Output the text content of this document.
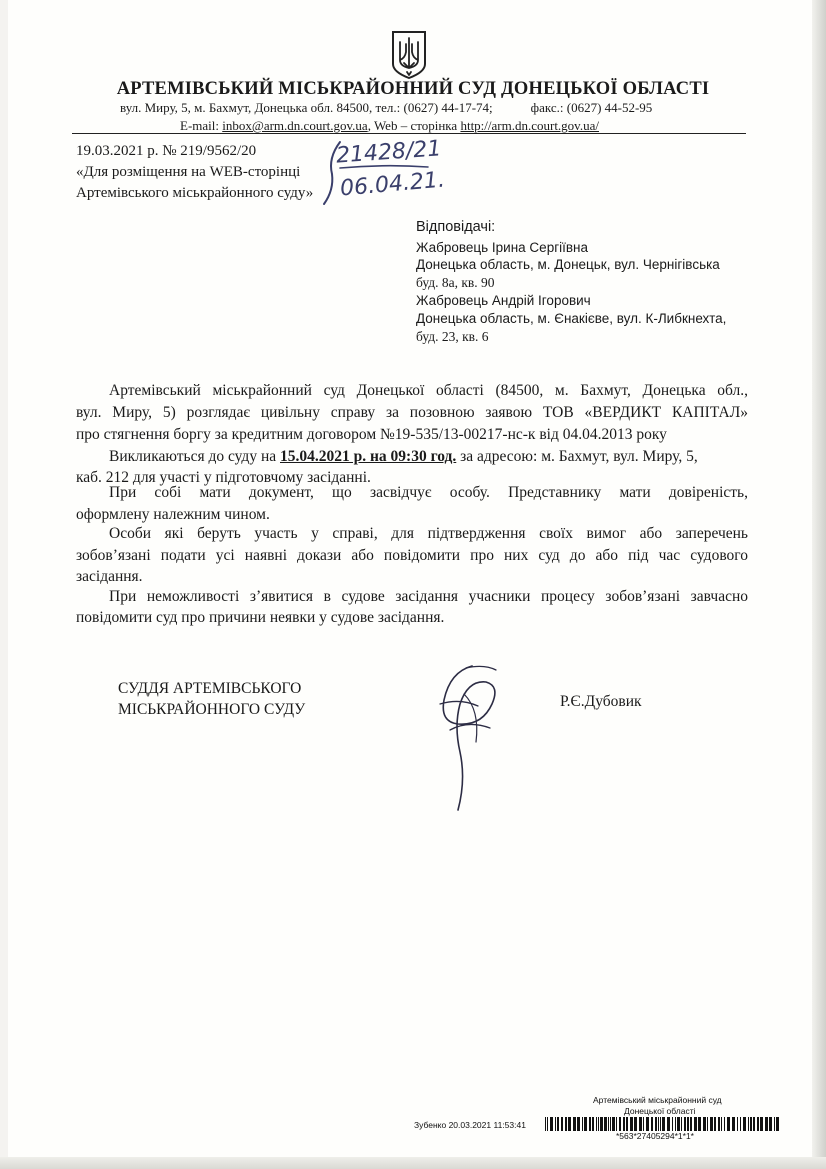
АРТЕМІВСЬКИЙ МІСЬКРАЙОННИЙ СУД ДОНЕЦЬКОЇ ОБЛАСТІ
вул. Миру, 5, м. Бахмут, Донецька обл. 84500, тел.: (0627) 44-17-74;	факс.: (0627) 44-52-95
E-mail: inbox@arm.dn.court.gov.ua, Web – сторінка http://arm.dn.court.gov.ua/
19.03.2021 р. № 219/9562/20
«Для розміщення на WEB-сторінці
Артемівського міськрайонного суду»
21428/21
06.04.21.
Відповідачі:
Жабровець Ірина Сергіївна
Донецька область, м. Донецьк, вул. Чернігівська
буд. 8а, кв. 90
Жабровець Андрій Ігорович
Донецька область, м. Єнакієве, вул. К-Либкнехта,
буд. 23, кв. 6
Артемівський міськрайонний суд Донецької області (84500, м. Бахмут, Донецька обл.,
вул. Миру, 5) розглядає цивільну справу за позовною заявою ТОВ «ВЕРДИКТ КАПІТАЛ»
про стягнення боргу за кредитним договором №19-535/13-00217-нс-к від 04.04.2013 року
Викликаються до суду на 15.04.2021 р. на 09:30 год. за адресою: м. Бахмут, вул. Миру, 5,
каб. 212 для участі у підготовчому засіданні.
При собі мати документ, що засвідчує особу. Представнику мати довіреність,
оформлену належним чином.
Особи які беруть участь у справі, для підтвердження своїх вимог або заперечень
зобов’язані подати усі наявні докази або повідомити про них суд до або під час судового
засідання.
При неможливості з’явитися в судове засідання учасники процесу зобов’язані завчасно
повідомити суд про причини неявки у судове засідання.
СУДДЯ АРТЕМІВСЬКОГО
МІСЬКРАЙОННОГО СУДУ	Р.Є.Дубовик
Артемівський міськрайонний суд
Донецької області
Зубенко 20.03.2021 11:53:41
*563*27405294*1*1*
